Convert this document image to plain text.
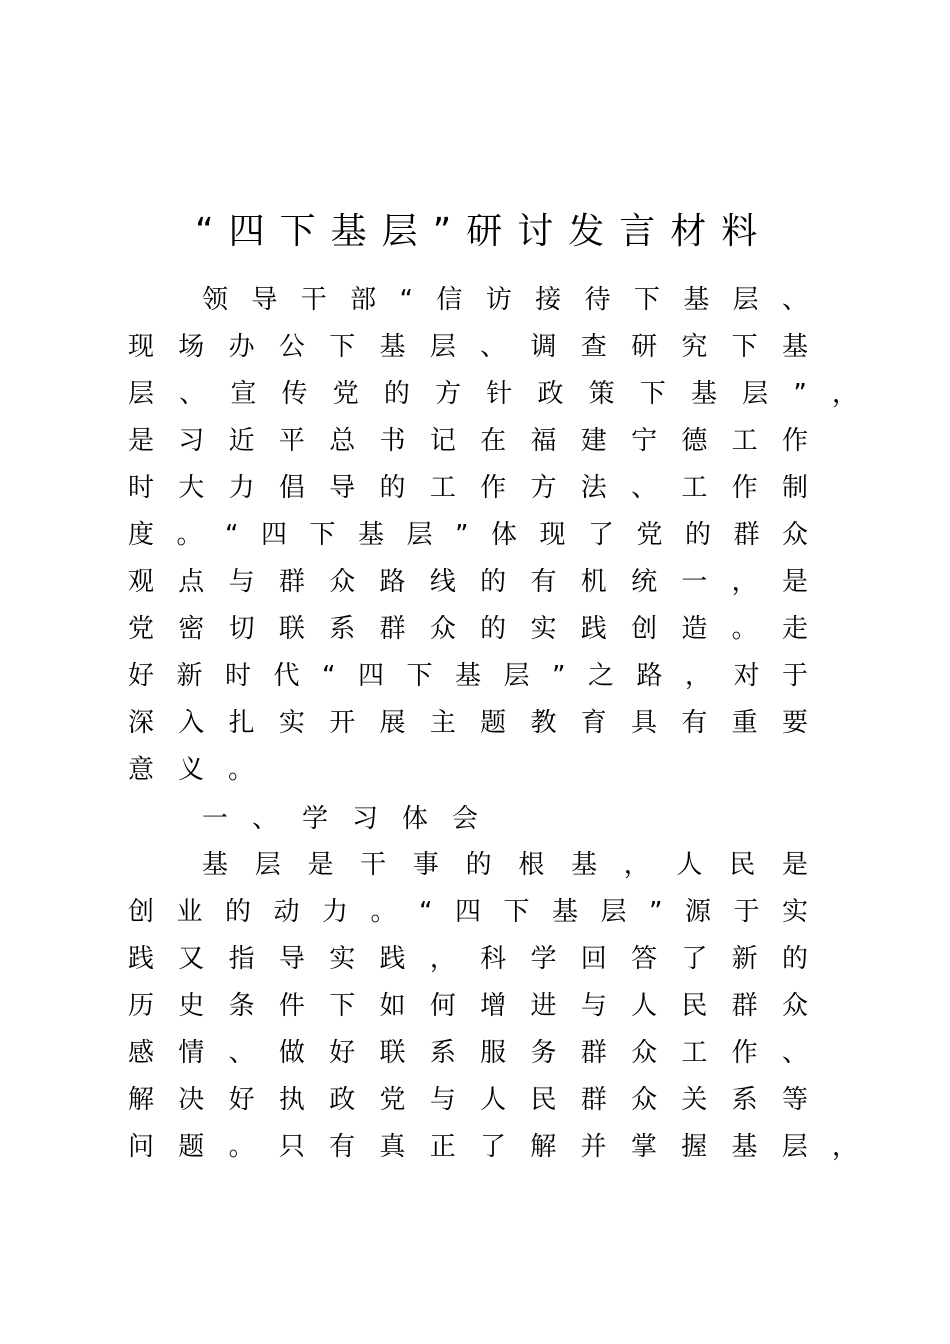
“四下基层”研讨发言材料
领导干部“信访接待下基层、
现场办公下基层、调查研究下基
层、宣传党的方针政策下基层”，
是习近平总书记在福建宁德工作
时大力倡导的工作方法、工作制
度。“四下基层”体现了党的群众
观点与群众路线的有机统一，是
党密切联系群众的实践创造。走
好新时代“四下基层”之路，对于
深入扎实开展主题教育具有重要
意义。
一、学习体会
基层是干事的根基，人民是
创业的动力。“四下基层”源于实
践又指导实践，科学回答了新的
历史条件下如何增进与人民群众
感情、做好联系服务群众工作、
解决好执政党与人民群众关系等
问题。只有真正了解并掌握基层，
